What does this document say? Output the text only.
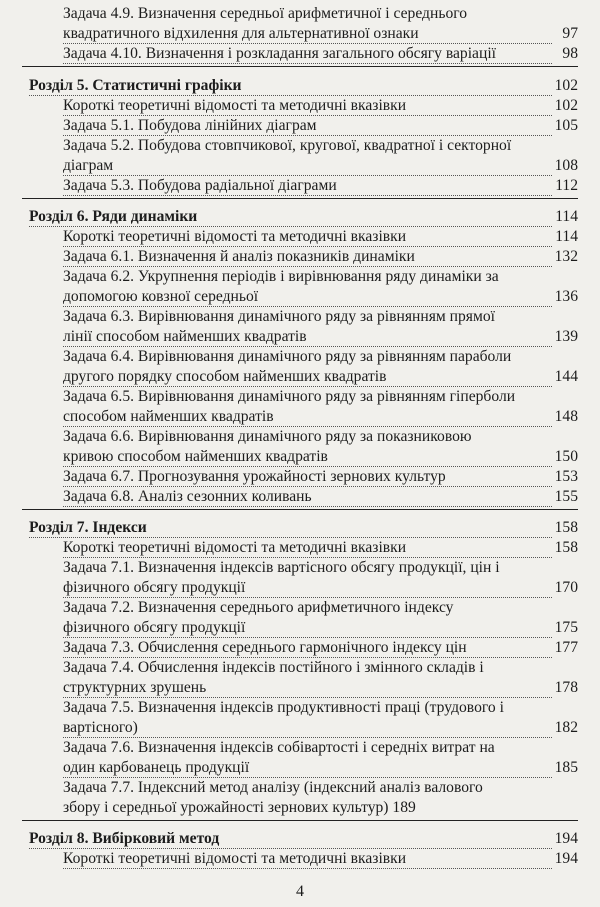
Задача 4.9. Визначення середньої арифметичної і середнього
квадратичного відхилення для альтернативної ознаки	97
Задача 4.10. Визначення і розкладання загального обсягу варіації	98
Розділ 5. Статистичні графіки	102
Короткі теоретичні відомості та методичні вказівки	102
Задача 5.1. Побудова лінійних діаграм	105
Задача 5.2. Побудова стовпчикової, кругової, квадратної і секторної
діаграм	108
Задача 5.3. Побудова радіальної діаграми	112
Розділ 6. Ряди динаміки	114
Короткі теоретичні відомості та методичні вказівки	114
Задача 6.1. Визначення й аналіз показників динаміки	132
Задача 6.2. Укрупнення періодів і вирівнювання ряду динаміки за
допомогою ковзної середньої	136
Задача 6.3. Вирівнювання динамічного ряду за рівнянням прямої
лінії способом найменших квадратів	139
Задача 6.4. Вирівнювання динамічного ряду за рівнянням параболи
другого порядку способом найменших квадратів	144
Задача 6.5. Вирівнювання динамічного ряду за рівнянням гіперболи
способом найменших квадратів	148
Задача 6.6. Вирівнювання динамічного ряду за показниковою
кривою способом найменших квадратів	150
Задача 6.7. Прогнозування урожайності зернових культур	153
Задача 6.8. Аналіз сезонних коливань	155
Розділ 7. Індекси	158
Короткі теоретичні відомості та методичні вказівки	158
Задача 7.1. Визначення індексів вартісного обсягу продукції, цін і
фізичного обсягу продукції	170
Задача 7.2. Визначення середнього арифметичного індексу
фізичного обсягу продукції	175
Задача 7.3. Обчислення середнього гармонічного індексу цін	177
Задача 7.4. Обчислення індексів постійного і змінного складів і
структурних зрушень	178
Задача 7.5. Визначення індексів продуктивності праці (трудового і
вартісного)	182
Задача 7.6. Визначення індексів собівартості і середніх витрат на
один карбованець продукції	185
Задача 7.7. Індексний метод аналізу (індексний аналіз валового
збору і середньої урожайності зернових культур) 189
Розділ 8. Вибірковий метод	194
Короткі теоретичні відомості та методичні вказівки	194
4
